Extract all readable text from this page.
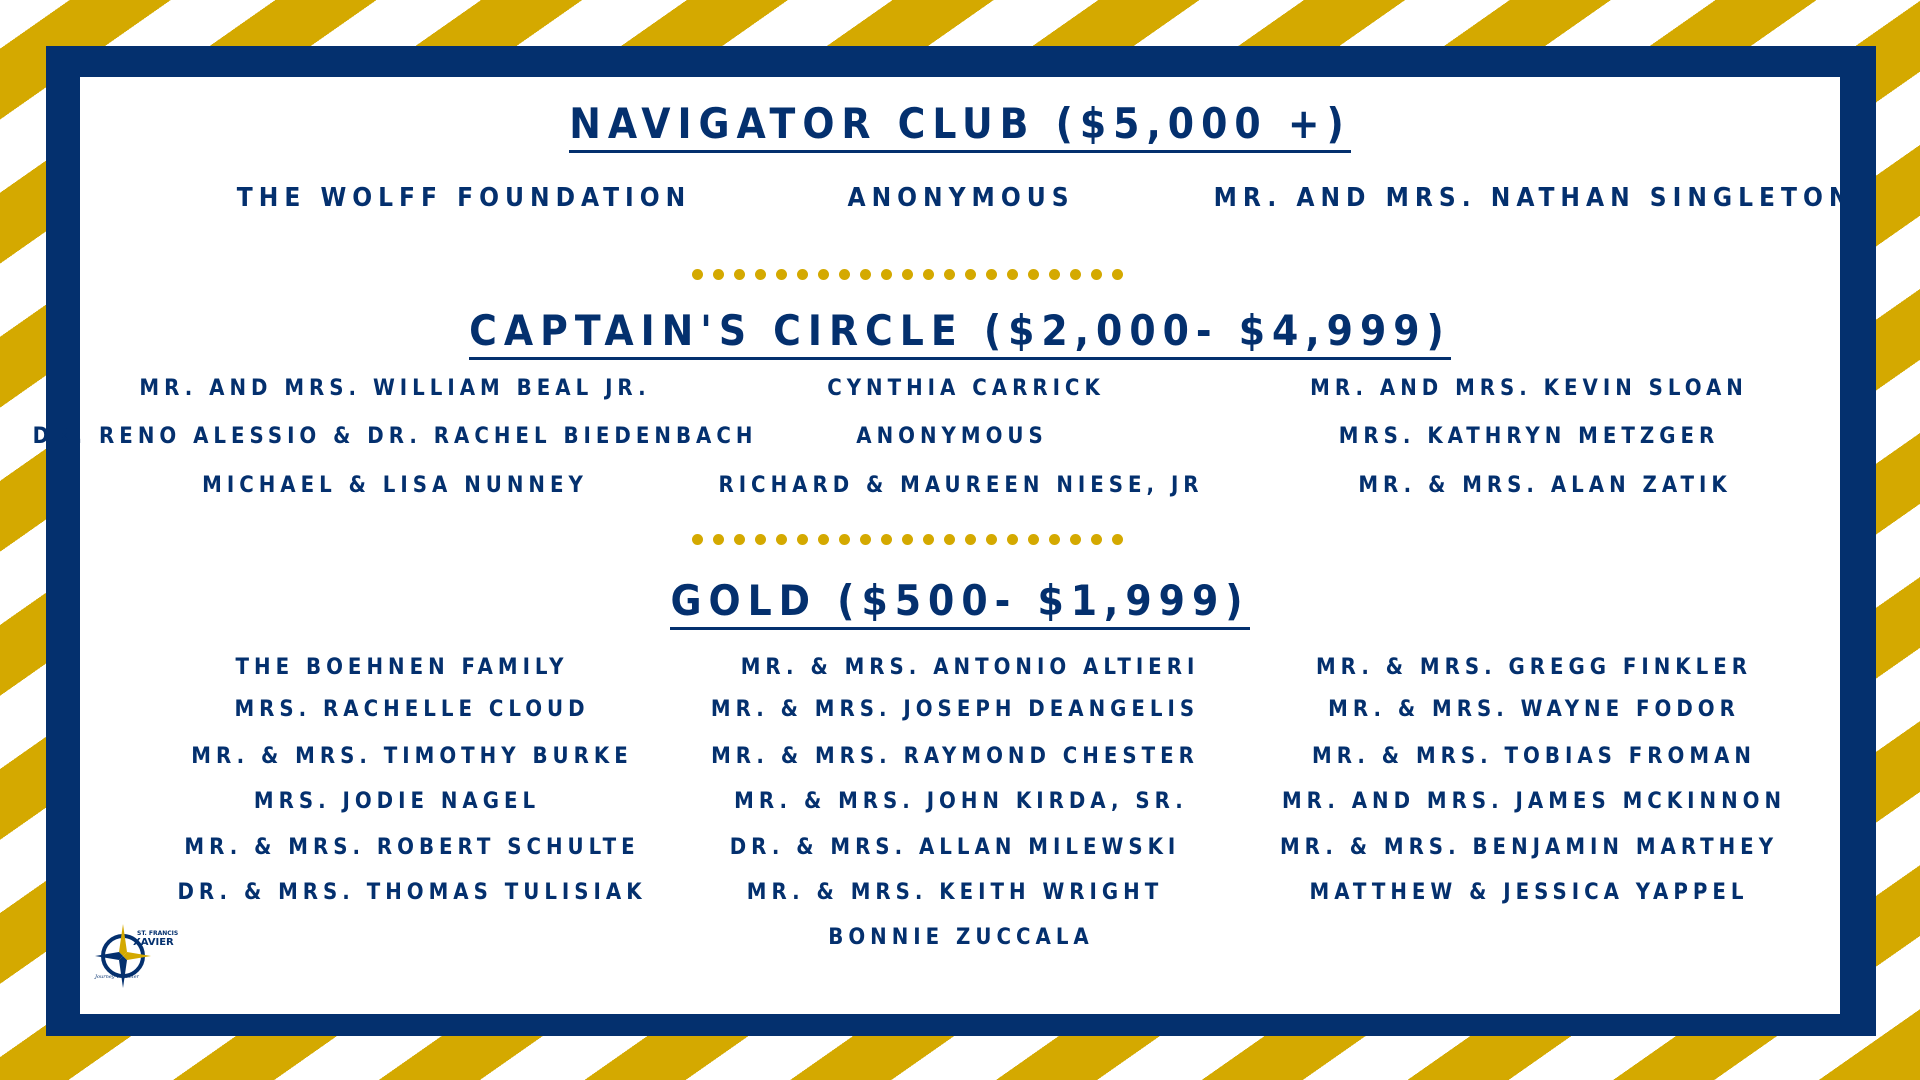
NAVIGATOR CLUB ($5,000 +)
THE WOLFF FOUNDATION	ANONYMOUS	MR. AND MRS. NATHAN SINGLETON
CAPTAIN'S CIRCLE ($2,000- $4,999)
MR. AND MRS. WILLIAM BEAL JR.
DR. RENO ALESSIO & DR. RACHEL BIEDENBACH
MICHAEL & LISA NUNNEY
CYNTHIA CARRICK
ANONYMOUS
RICHARD & MAUREEN NIESE, JR
MR. AND MRS. KEVIN SLOAN
MRS. KATHRYN METZGER
MR. & MRS. ALAN ZATIK
GOLD ($500- $1,999)
THE BOEHNEN FAMILY
MRS. RACHELLE CLOUD
MR. & MRS. TIMOTHY BURKE
MRS. JODIE NAGEL
MR. & MRS. ROBERT SCHULTE
DR. & MRS. THOMAS TULISIAK
MR. & MRS. ANTONIO ALTIERI
MR. & MRS. JOSEPH DEANGELIS
MR. & MRS. RAYMOND CHESTER
MR. & MRS. JOHN KIRDA, SR.
DR. & MRS. ALLAN MILEWSKI
MR. & MRS. KEITH WRIGHT
BONNIE ZUCCALA
MR. & MRS. GREGG FINKLER
MR. & MRS. WAYNE FODOR
MR. & MRS. TOBIAS FROMAN
MR. AND MRS. JAMES MCKINNON
MR. & MRS. BENJAMIN MARTHEY
MATTHEW & JESSICA YAPPEL
ST. FRANCIS
XAVIER
Journey Together
